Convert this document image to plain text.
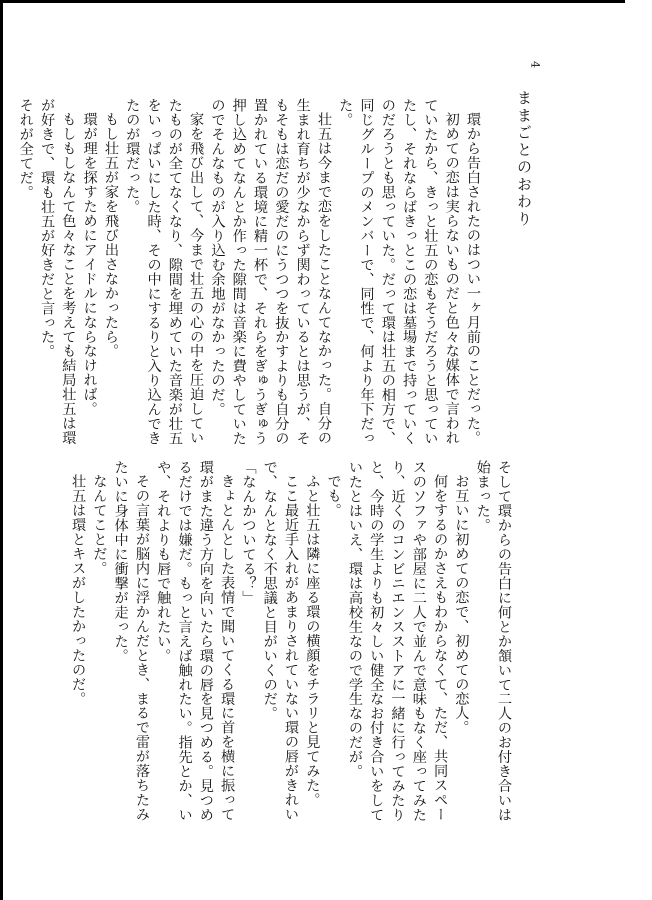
4
ままごとのおわり

環から告白されたのはつい一ヶ月前のことだった。

初めての恋は実らないものだと色々な媒体で言われていたから、きっと壮五の恋もそうだろうと思っていたし、それならばきっとこの恋は墓場まで持っていくのだろうとも思っていた。だって環は壮五の相方で、同じグループのメンバーで、同性で、何より年下だった。

壮五は今まで恋をしたことなんてなかった。自分の生まれ育ちが少なからず関わっているとは思うが、そもそもは恋だの愛だのにうつつを抜かすよりも自分の置かれている環境に精一杯で、それらをぎゅうぎゅう押し込めてなんとか作った隙間は音楽に費やしていたのでそんなものが入り込む余地がなかったのだ。

家を飛び出して、今まで壮五の心の中を圧迫していたものが全てなくなり、隙間を埋めていた音楽が壮五をいっぱいにした時、その中にするりと入り込んできたのが環だった。

もし壮五が家を飛び出さなかったら。

環が理を探すためにアイドルにならなければ。

もしもしなんて色々なことを考えても結局壮五は環が好きで、環も壮五が好きだと言った。

それが全てだ。

そして環からの告白に何とか頷いて二人のお付き合いは始まった。

お互いに初めての恋で、初めての恋人。

何をするのかさえもわからなくて、ただ、共同スペースのソファや部屋に二人で並んで意味もなく座ってみたり、近くのコンビニエンスストアに一緒に行ってみたりと、今時の学生よりも初々しい健全なお付き合いをしていたとはいえ、環は高校生なので学生なのだが。

でも。

ふと壮五は隣に座る環の横顔をチラリと見てみた。

ここ最近手入れがあまりされていない環の唇がきれいで、なんとなく不思議と目がいくのだ。

「なんかついてる？」

きょとんとした表情で聞いてくる環に首を横に振って環がまた違う方向を向いたら環の唇を見つめる。見つめるだけでは嫌だ。もっと言えば触れたい。指先とか、いや、それよりも唇で触れたい。

その言葉が脳内に浮かんだとき、まるで雷が落ちたみたいに身体中に衝撃が走った。

なんてことだ。

壮五は環とキスがしたかったのだ。
